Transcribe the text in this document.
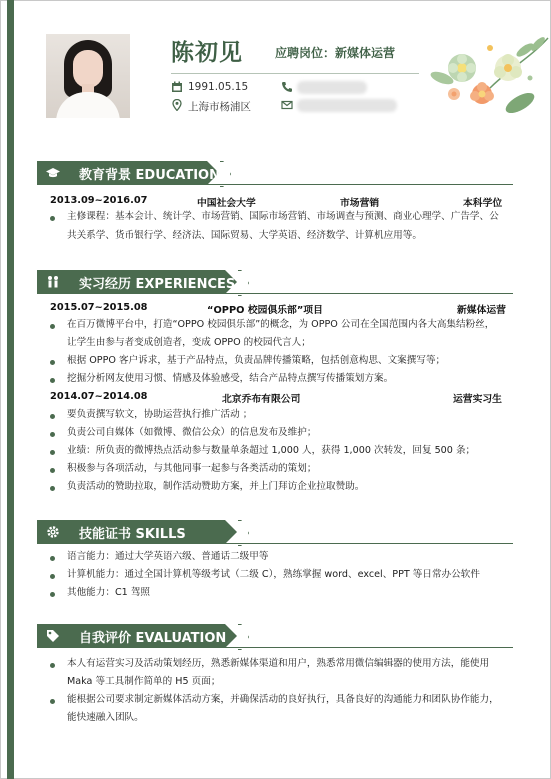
陈初见	应聘岗位：新媒体运营
1991.05.15
上海市杨浦区
教育背景 EDUCATION
2013.09~2016.07	中国社会大学	市场营销	本科学位
主修课程：基本会计、统计学、市场营销、国际市场营销、市场调查与预测、商业心理学、广告学、公
共关系学、货币银行学、经济法、国际贸易、大学英语、经济数学、计算机应用等。
实习经历 EXPERIENCES
2015.07~2015.08	“OPPO 校园俱乐部”项目	新媒体运营
在百万微博平台中，打造“OPPO 校园俱乐部”的概念，为 OPPO 公司在全国范围内各大高集结粉丝，
让学生由参与者变成创造者，变成 OPPO 的校园代言人；
根据 OPPO 客户诉求，基于产品特点，负责品牌传播策略，包括创意构思、文案撰写等；
挖掘分析网友使用习惯、情感及体验感受，结合产品特点撰写传播策划方案。
2014.07~2014.08	北京乔布有限公司	运营实习生
要负责撰写软文，协助运营执行推广活动 ；
负责公司自媒体（如微博、微信公众）的信息发布及维护；
业绩：所负责的微博热点活动参与数量单条超过 1,000 人，获得 1,000 次转发，回复 500 条；
积极参与各项活动，与其他同事一起参与各类活动的策划；
负责活动的赞助拉取，制作活动赞助方案，并上门拜访企业拉取赞助。
技能证书 SKILLS
语言能力：通过大学英语六级、普通话二级甲等
计算机能力：通过全国计算机等级考试（二级 C），熟练掌握 word、excel、PPT 等日常办公软件
其他能力：C1 驾照
自我评价 EVALUATION
本人有运营实习及活动策划经历，熟悉新媒体渠道和用户，熟悉常用微信编辑器的使用方法，能使用
Maka 等工具制作简单的 H5 页面；
能根据公司要求制定新媒体活动方案，并确保活动的良好执行，具备良好的沟通能力和团队协作能力，
能快速融入团队。
